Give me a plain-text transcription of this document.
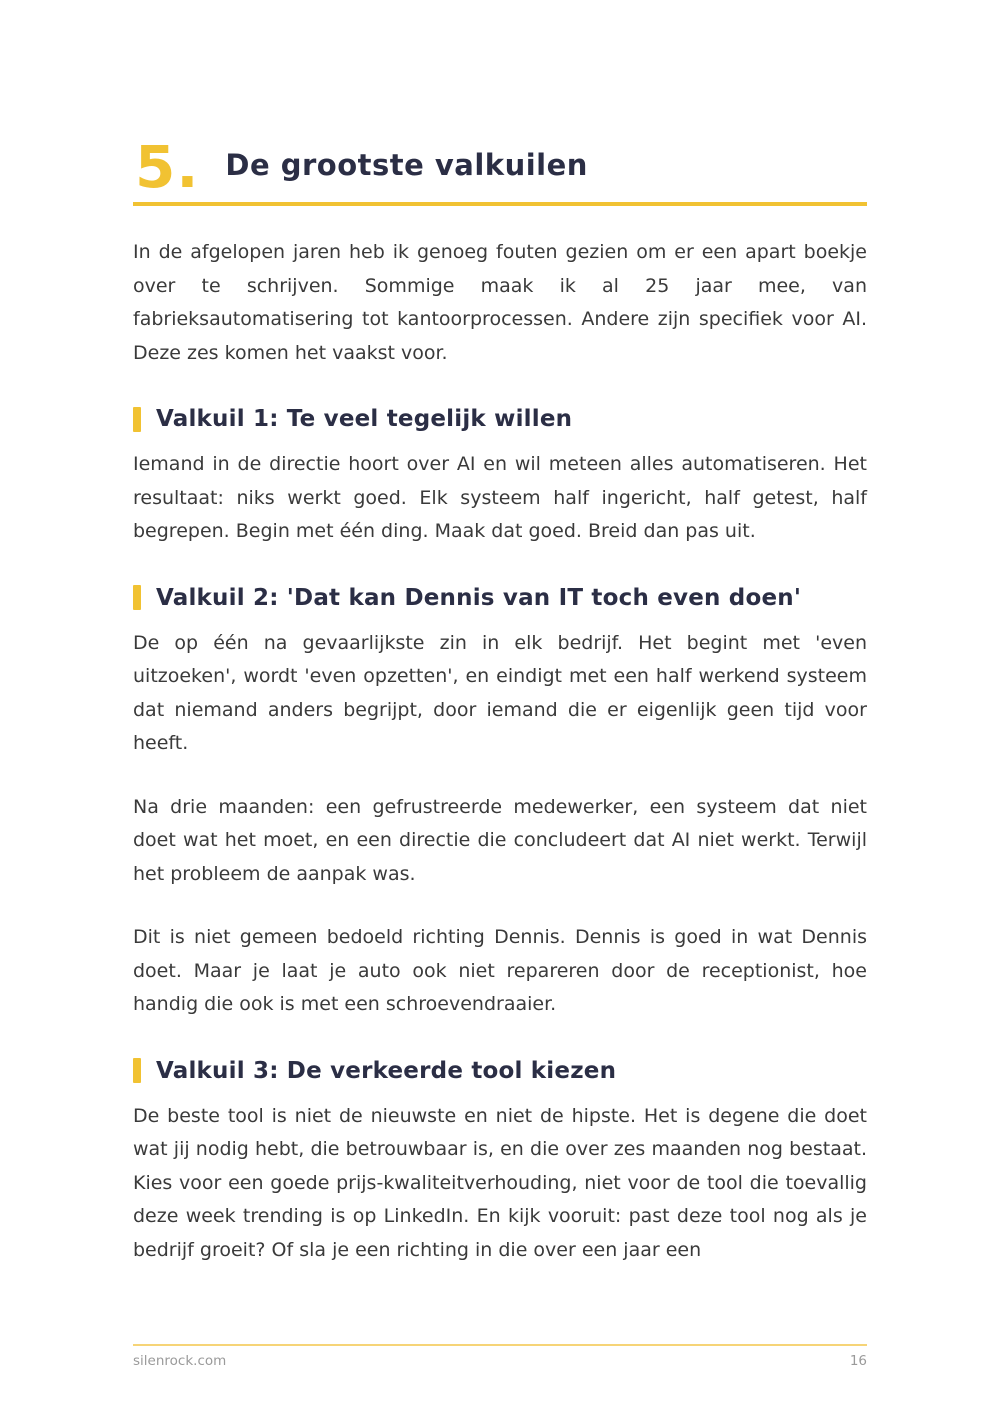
5. De grootste valkuilen

In de afgelopen jaren heb ik genoeg fouten gezien om er een apart boekje over te schrijven. Sommige maak ik al 25 jaar mee, van fabrieksautomatisering tot kantoorprocessen. Andere zijn specifiek voor AI. Deze zes komen het vaakst voor.

Valkuil 1: Te veel tegelijk willen

Iemand in de directie hoort over AI en wil meteen alles automatiseren. Het resultaat: niks werkt goed. Elk systeem half ingericht, half getest, half begrepen. Begin met één ding. Maak dat goed. Breid dan pas uit.

Valkuil 2: 'Dat kan Dennis van IT toch even doen'

De op één na gevaarlijkste zin in elk bedrijf. Het begint met 'even uitzoeken', wordt 'even opzetten', en eindigt met een half werkend systeem dat niemand anders begrijpt, door iemand die er eigenlijk geen tijd voor heeft.

Na drie maanden: een gefrustreerde medewerker, een systeem dat niet doet wat het moet, en een directie die concludeert dat AI niet werkt. Terwijl het probleem de aanpak was.

Dit is niet gemeen bedoeld richting Dennis. Dennis is goed in wat Dennis doet. Maar je laat je auto ook niet repareren door de receptionist, hoe handig die ook is met een schroevendraaier.

Valkuil 3: De verkeerde tool kiezen

De beste tool is niet de nieuwste en niet de hipste. Het is degene die doet wat jij nodig hebt, die betrouwbaar is, en die over zes maanden nog bestaat. Kies voor een goede prijs-kwaliteitverhouding, niet voor de tool die toevallig deze week trending is op LinkedIn. En kijk vooruit: past deze tool nog als je bedrijf groeit? Of sla je een richting in die over een jaar een

silenrock.com	16
